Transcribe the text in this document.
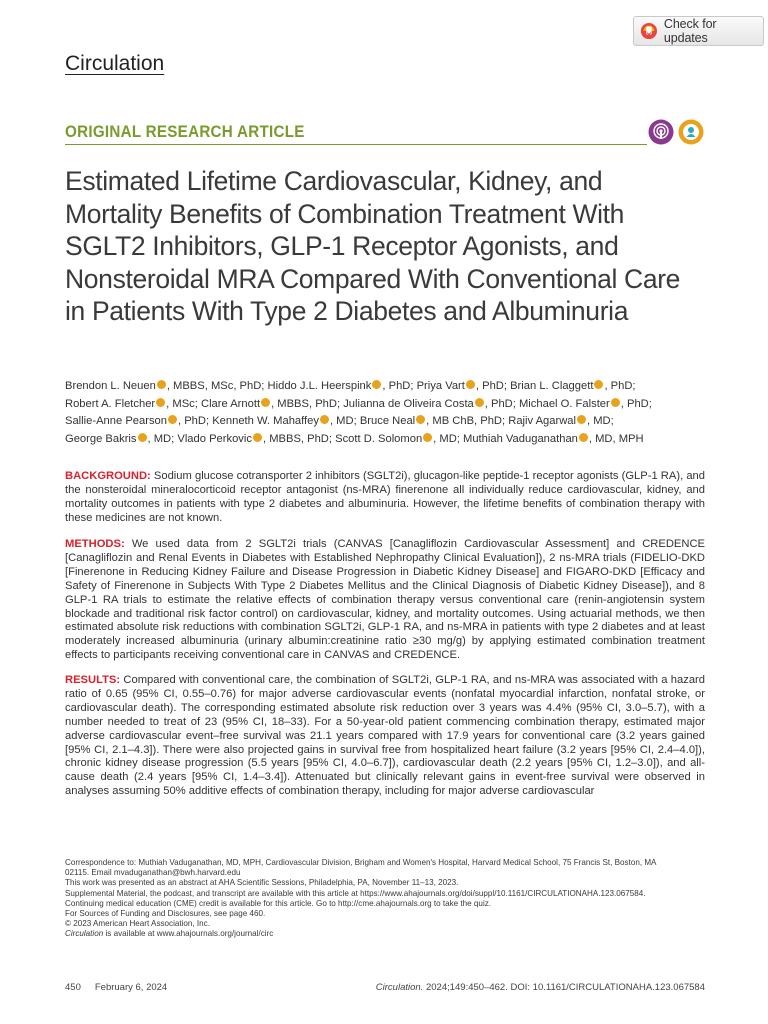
Check for updates
Circulation
ORIGINAL RESEARCH ARTICLE
Estimated Lifetime Cardiovascular, Kidney, and Mortality Benefits of Combination Treatment With SGLT2 Inhibitors, GLP-1 Receptor Agonists, and Nonsteroidal MRA Compared With Conventional Care in Patients With Type 2 Diabetes and Albuminuria
Brendon L. Neuen , MBBS, MSc, PhD; Hiddo J.L. Heerspink , PhD; Priya Vart , PhD; Brian L. Claggett , PhD;
Robert A. Fletcher , MSc; Clare Arnott , MBBS, PhD; Julianna de Oliveira Costa , PhD; Michael O. Falster , PhD;
Sallie-Anne Pearson , PhD; Kenneth W. Mahaffey , MD; Bruce Neal , MB ChB, PhD; Rajiv Agarwal , MD;
George Bakris , MD; Vlado Perkovic , MBBS, PhD; Scott D. Solomon , MD; Muthiah Vaduganathan , MD, MPH

BACKGROUND: Sodium glucose cotransporter 2 inhibitors (SGLT2i), glucagon-like peptide-1 receptor agonists (GLP-1 RA), and the nonsteroidal mineralocorticoid receptor antagonist (ns-MRA) finerenone all individually reduce cardiovascular, kidney, and mortality outcomes in patients with type 2 diabetes and albuminuria. However, the lifetime benefits of combination therapy with these medicines are not known.

METHODS: We used data from 2 SGLT2i trials (CANVAS [Canagliflozin Cardiovascular Assessment] and CREDENCE [Canagliflozin and Renal Events in Diabetes with Established Nephropathy Clinical Evaluation]), 2 ns-MRA trials (FIDELIO-DKD [Finerenone in Reducing Kidney Failure and Disease Progression in Diabetic Kidney Disease] and FIGARO-DKD [Efficacy and Safety of Finerenone in Subjects With Type 2 Diabetes Mellitus and the Clinical Diagnosis of Diabetic Kidney Disease]), and 8 GLP-1 RA trials to estimate the relative effects of combination therapy versus conventional care (renin-angiotensin system blockade and traditional risk factor control) on cardiovascular, kidney, and mortality outcomes. Using actuarial methods, we then estimated absolute risk reductions with combination SGLT2i, GLP-1 RA, and ns-MRA in patients with type 2 diabetes and at least moderately increased albuminuria (urinary albumin:creatinine ratio ≥30 mg/g) by applying estimated combination treatment effects to participants receiving conventional care in CANVAS and CREDENCE.

RESULTS: Compared with conventional care, the combination of SGLT2i, GLP-1 RA, and ns-MRA was associated with a hazard ratio of 0.65 (95% CI, 0.55–0.76) for major adverse cardiovascular events (nonfatal myocardial infarction, nonfatal stroke, or cardiovascular death). The corresponding estimated absolute risk reduction over 3 years was 4.4% (95% CI, 3.0–5.7), with a number needed to treat of 23 (95% CI, 18–33). For a 50-year-old patient commencing combination therapy, estimated major adverse cardiovascular event–free survival was 21.1 years compared with 17.9 years for conventional care (3.2 years gained [95% CI, 2.1–4.3]). There were also projected gains in survival free from hospitalized heart failure (3.2 years [95% CI, 2.4–4.0]), chronic kidney disease progression (5.5 years [95% CI, 4.0–6.7]), cardiovascular death (2.2 years [95% CI, 1.2–3.0]), and all-cause death (2.4 years [95% CI, 1.4–3.4]). Attenuated but clinically relevant gains in event-free survival were observed in analyses assuming 50% additive effects of combination therapy, including for major adverse cardiovascular

Correspondence to: Muthiah Vaduganathan, MD, MPH, Cardiovascular Division, Brigham and Women's Hospital, Harvard Medical School, 75 Francis St, Boston, MA
02115. Email mvaduganathan@bwh.harvard.edu
This work was presented as an abstract at AHA Scientific Sessions, Philadelphia, PA, November 11–13, 2023.
Supplemental Material, the podcast, and transcript are available with this article at https://www.ahajournals.org/doi/suppl/10.1161/CIRCULATIONAHA.123.067584.
Continuing medical education (CME) credit is available for this article. Go to http://cme.ahajournals.org to take the quiz.
For Sources of Funding and Disclosures, see page 460.
© 2023 American Heart Association, Inc.
Circulation is available at www.ahajournals.org/journal/circ
450 February 6, 2024	Circulation. 2024;149:450–462. DOI: 10.1161/CIRCULATIONAHA.123.067584
